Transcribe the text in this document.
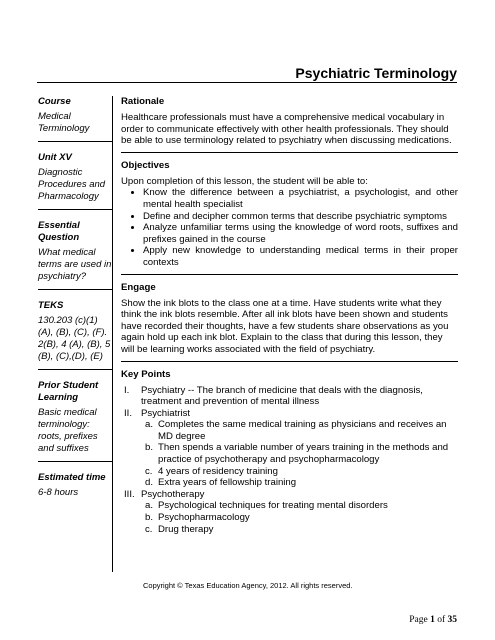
Psychiatric Terminology

Course

Medical Terminology

Unit XV

Diagnostic Procedures and Pharmacology

Essential Question

What medical terms are used in psychiatry?

TEKS

130.203 (c)(1) (A), (B), (C), (F). 2(B), 4 (A), (B), 5 (B), (C),(D), (E)

Prior Student Learning

Basic medical terminology: roots, prefixes and suffixes

Estimated time

6-8 hours

Rationale

Healthcare professionals must have a comprehensive medical vocabulary in order to communicate effectively with other health professionals. They should be able to use terminology related to psychiatry when discussing medications.

Objectives

Upon completion of this lesson, the student will be able to:

• Know the difference between a psychiatrist, a psychologist, and other mental health specialist
• Define and decipher common terms that describe psychiatric symptoms
• Analyze unfamiliar terms using the knowledge of word roots, suffixes and prefixes gained in the course
• Apply new knowledge to understanding medical terms in their proper contexts
Engage

Show the ink blots to the class one at a time. Have students write what they think the ink blots resemble. After all ink blots have been shown and students have recorded their thoughts, have a few students share observations as you again hold up each ink blot. Explain to the class that during this lesson, they will be learning works associated with the field of psychiatry.

Key Points
I. Psychiatry -- The branch of medicine that deals with the diagnosis, treatment and prevention of mental illness
II. Psychiatrist
a. Completes the same medical training as physicians and receives an MD degree
b. Then spends a variable number of years training in the methods and practice of psychotherapy and psychopharmacology
c. 4 years of residency training
d. Extra years of fellowship training
III. Psychotherapy
a. Psychological techniques for treating mental disorders
b. Psychopharmacology
c. Drug therapy

Copyright © Texas Education Agency, 2012. All rights reserved.

Page 1 of 35
